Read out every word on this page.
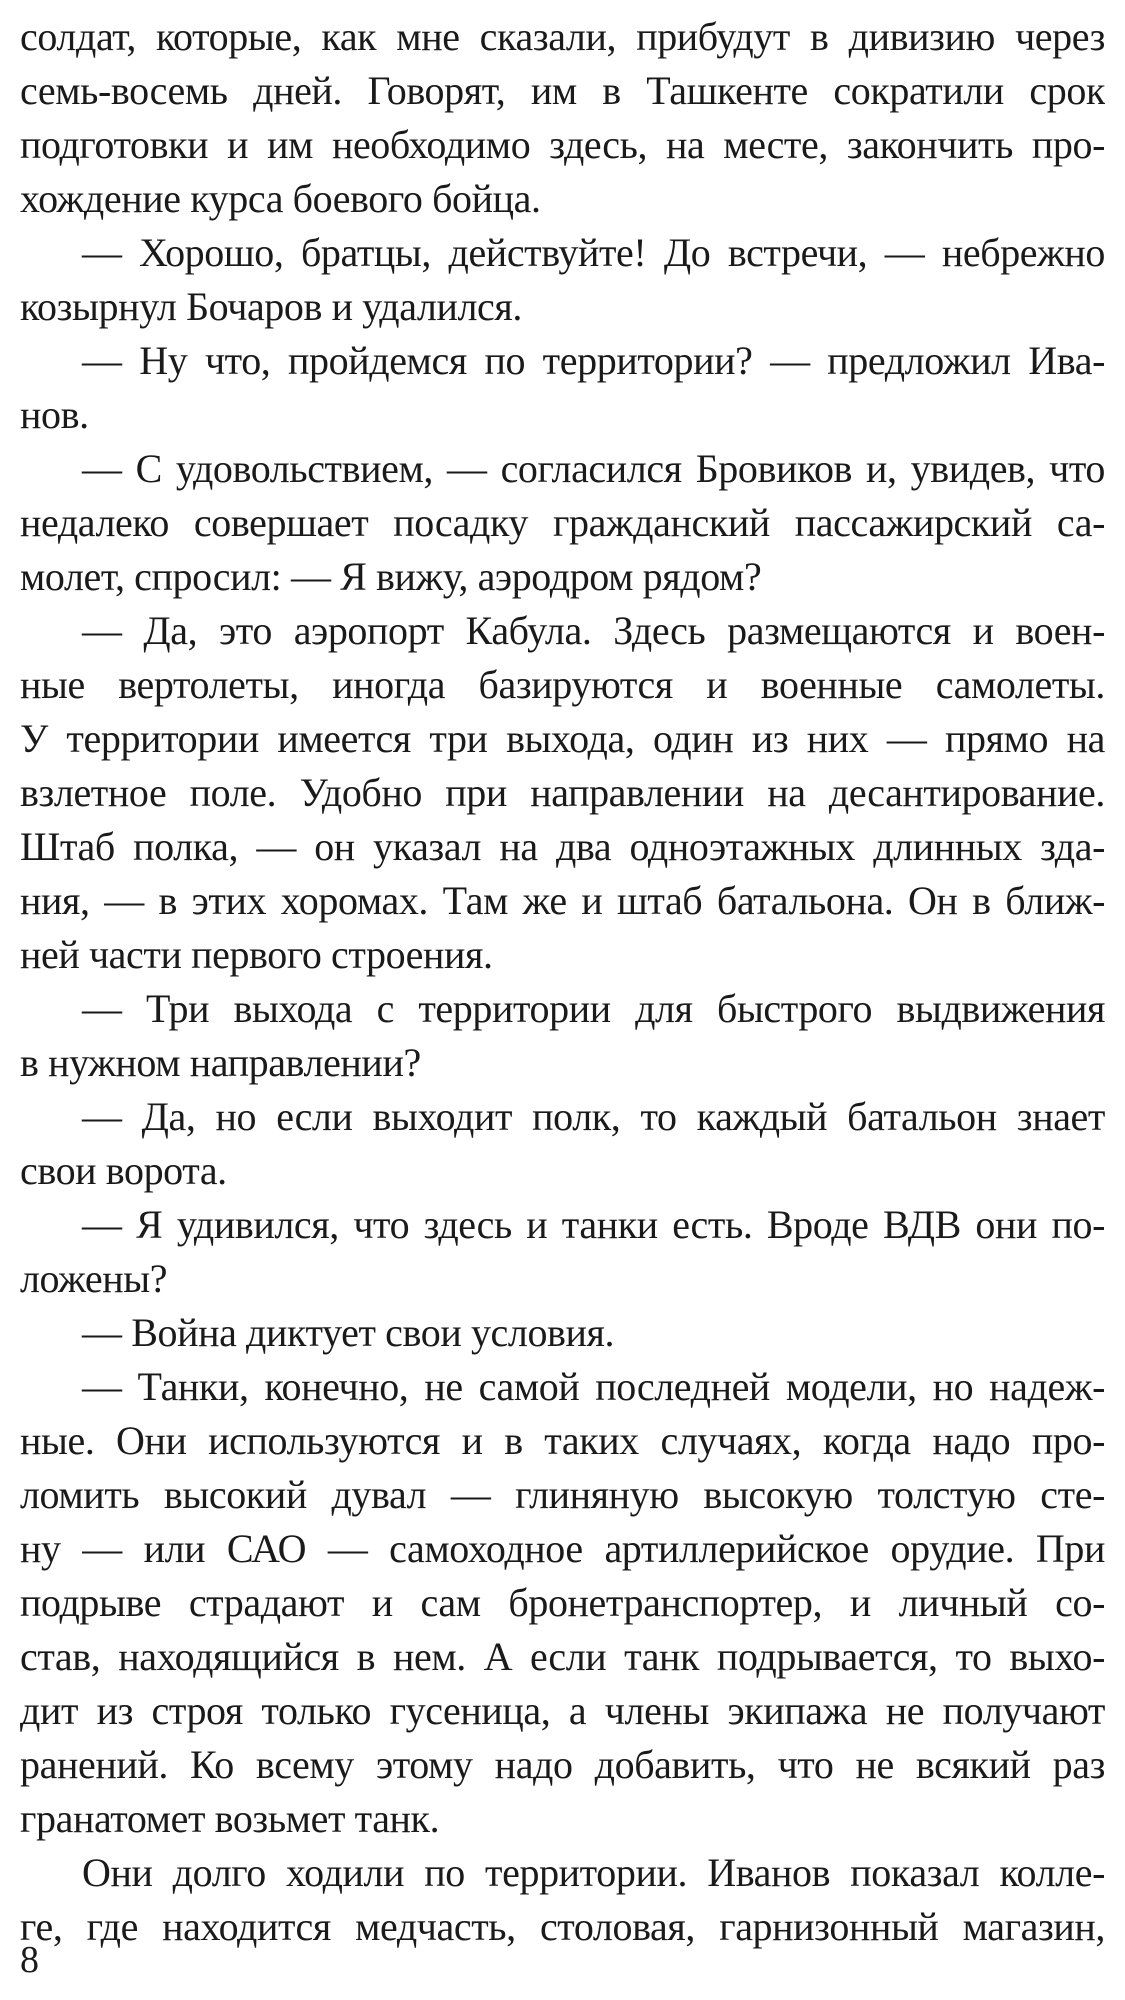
солдат, которые, как мне сказали, прибудут в дивизию через
семь-восемь дней. Говорят, им в Ташкенте сократили срок
подготовки и им необходимо здесь, на месте, закончить про-
хождение курса боевого бойца.
— Хорошо, братцы, действуйте! До встречи, — небрежно
козырнул Бочаров и удалился.
— Ну что, пройдемся по территории? — предложил Ива-
нов.
— С удовольствием, — согласился Бровиков и, увидев, что
недалеко совершает посадку гражданский пассажирский са-
молет, спросил: — Я вижу, аэродром рядом?
— Да, это аэропорт Кабула. Здесь размещаются и воен-
ные вертолеты, иногда базируются и военные самолеты.
У территории имеется три выхода, один из них — прямо на
взлетное поле. Удобно при направлении на десантирование.
Штаб полка, — он указал на два одноэтажных длинных зда-
ния, — в этих хоромах. Там же и штаб батальона. Он в ближ-
ней части первого строения.
— Три выхода с территории для быстрого выдвижения
в нужном направлении?
— Да, но если выходит полк, то каждый батальон знает
свои ворота.
— Я удивился, что здесь и танки есть. Вроде ВДВ они по-
ложены?
— Война диктует свои условия.
— Танки, конечно, не самой последней модели, но надеж-
ные. Они используются и в таких случаях, когда надо про-
ломить высокий дувал — глиняную высокую толстую сте-
ну — или САО — самоходное артиллерийское орудие. При
подрыве страдают и сам бронетранспортер, и личный со-
став, находящийся в нем. А если танк подрывается, то выхо-
дит из строя только гусеница, а члены экипажа не получают
ранений. Ко всему этому надо добавить, что не всякий раз
гранатомет возьмет танк.
Они долго ходили по территории. Иванов показал колле-
ге, где находится медчасть, столовая, гарнизонный магазин,
8
